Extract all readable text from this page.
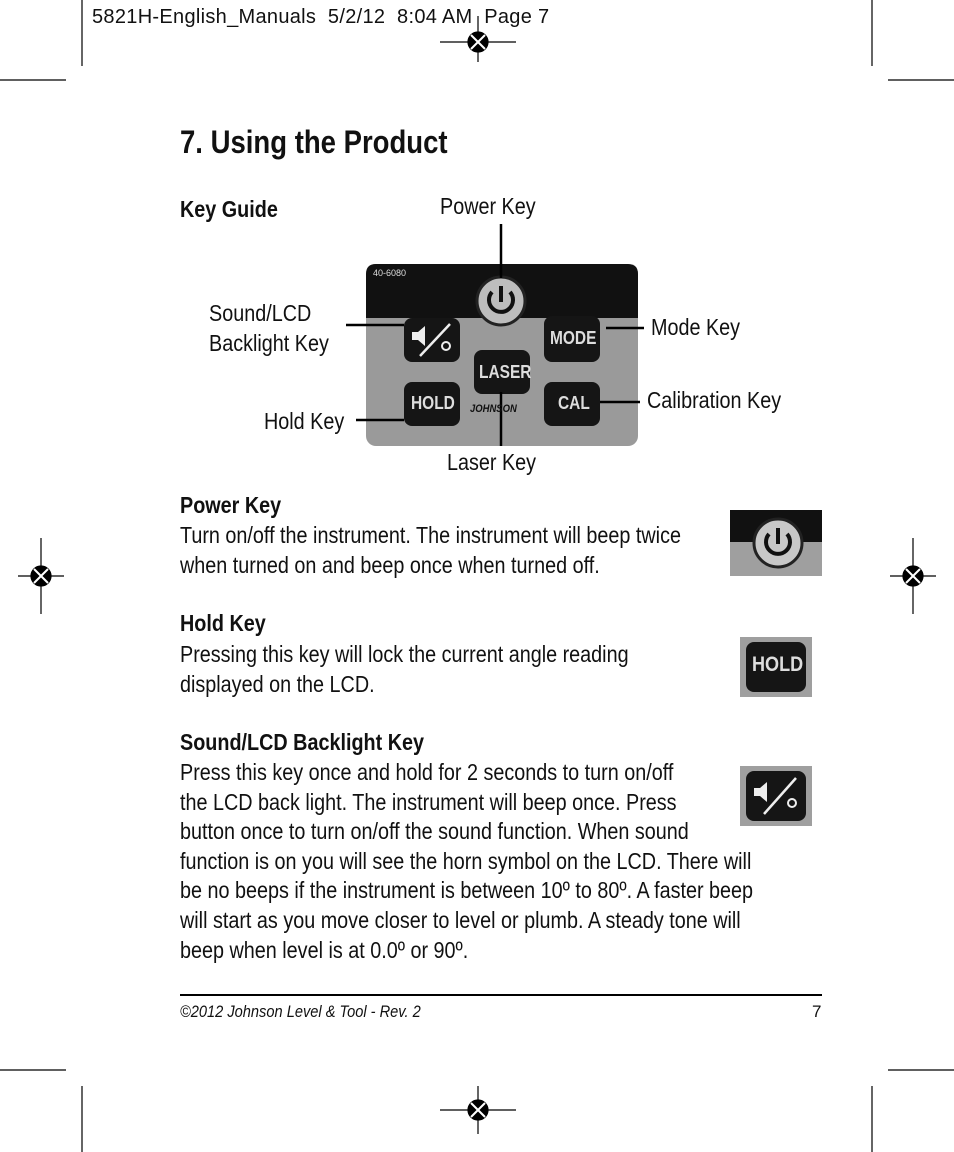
5821H-English_Manuals  5/2/12  8:04 AM  Page 7
7. Using the Product
Key Guide
40-6080
MODE
LASER
HOLD	CAL
JOHNSON
Power Key
Sound/LCD
Backlight Key
Mode Key
Calibration Key
Hold Key
Laser Key
Power Key
Turn on/off the instrument. The instrument will beep twice
when turned on and beep once when turned off.
Hold Key
Pressing this key will lock the current angle reading
displayed on the LCD.
HOLD
Sound/LCD Backlight Key
Press this key once and hold for 2 seconds to turn on/off
the LCD back light. The instrument will beep once. Press
button once to turn on/off the sound function. When sound
function is on you will see the horn symbol on the LCD. There will
be no beeps if the instrument is between 10º to 80º. A faster beep
will start as you move closer to level or plumb. A steady tone will
beep when level is at 0.0º or 90º.
©2012 Johnson Level & Tool - Rev. 2	7
